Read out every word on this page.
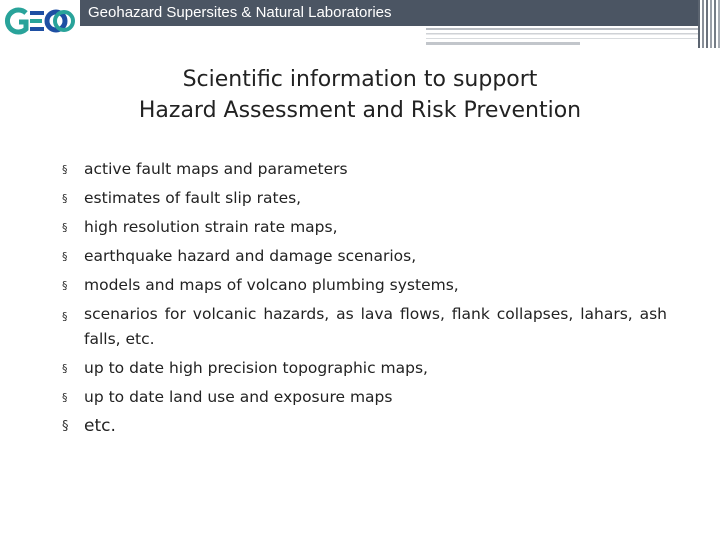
Geohazard Supersites & Natural Laboratories
Scientific information to support
Hazard Assessment and Risk Prevention
§	active fault maps and parameters
§	estimates of fault slip rates,
§	high resolution strain rate maps,
§	earthquake hazard and damage scenarios,
§	models and maps of volcano plumbing systems,
§	scenarios for volcanic hazards, as lava flows, flank collapses, lahars, ash falls, etc.
§	up to date high precision topographic maps,
§	up to date land use and exposure maps
§ etc.
